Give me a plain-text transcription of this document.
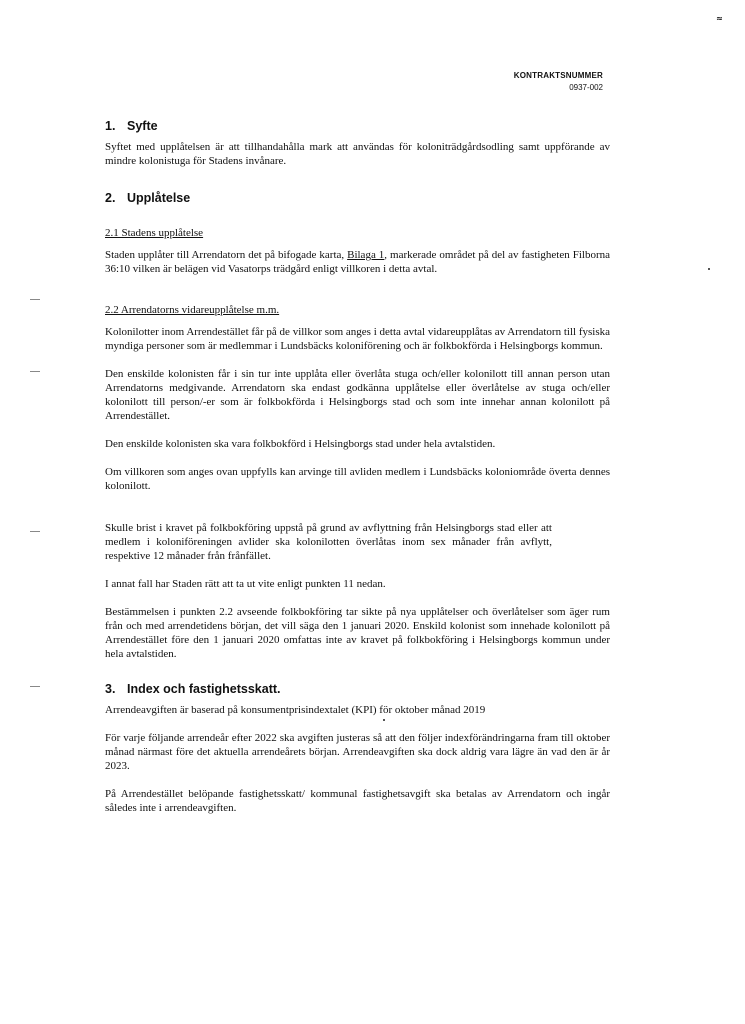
≈
KONTRAKTSNUMMER
0937-002
1. Syfte

Syftet med upplåtelsen är att tillhandahålla mark att användas för koloniträdgårdsodling samt uppförande av mindre kolonistuga för Stadens invånare.

2. Upplåtelse
2.1 Stadens upplåtelse

Staden upplåter till Arrendatorn det på bifogade karta, Bilaga 1, markerade området på del av fastigheten Filborna 36:10 vilken är belägen vid Vasatorps trädgård enligt villkoren i detta avtal.

2.2 Arrendatorns vidareupplåtelse m.m.

Kolonilotter inom Arrendestället får på de villkor som anges i detta avtal vidareupplåtas av Arrendatorn till fysiska myndiga personer som är medlemmar i Lundsbäcks koloniförening och är folkbokförda i Helsingborgs kommun.

Den enskilde kolonisten får i sin tur inte upplåta eller överlåta stuga och/eller kolonilott till annan person utan Arrendatorns medgivande. Arrendatorn ska endast godkänna upplåtelse eller överlåtelse av stuga och/eller kolonilott till person/-er som är folkbokförda i Helsingborgs stad och som inte innehar annan kolonilott på Arrendestället.

Den enskilde kolonisten ska vara folkbokförd i Helsingborgs stad under hela avtalstiden.

Om villkoren som anges ovan uppfylls kan arvinge till avliden medlem i Lundsbäcks koloniområde överta dennes kolonilott.

Skulle brist i kravet på folkbokföring uppstå på grund av avflyttning från Helsingborgs stad eller att medlem i koloniföreningen avlider ska kolonilotten överlåtas inom sex månader från avflytt, respektive 12 månader från frånfället.

I annat fall har Staden rätt att ta ut vite enligt punkten 11 nedan.

Bestämmelsen i punkten 2.2 avseende folkbokföring tar sikte på nya upplåtelser och överlåtelser som äger rum från och med arrendetidens början, det vill säga den 1 januari 2020. Enskild kolonist som innehade kolonilott på Arrendestället före den 1 januari 2020 omfattas inte av kravet på folkbokföring i Helsingborgs kommun under hela avtalstiden.

3. Index och fastighetsskatt.

Arrendeavgiften är baserad på konsumentprisindextalet (KPI) för oktober månad 2019

För varje följande arrendeår efter 2022 ska avgiften justeras så att den följer indexförändringarna fram till oktober månad närmast före det aktuella arrendeårets början. Arrendeavgiften ska dock aldrig vara lägre än vad den är år 2023.

På Arrendestället belöpande fastighetsskatt/ kommunal fastighetsavgift ska betalas av Arrendatorn och ingår således inte i arrendeavgiften.
